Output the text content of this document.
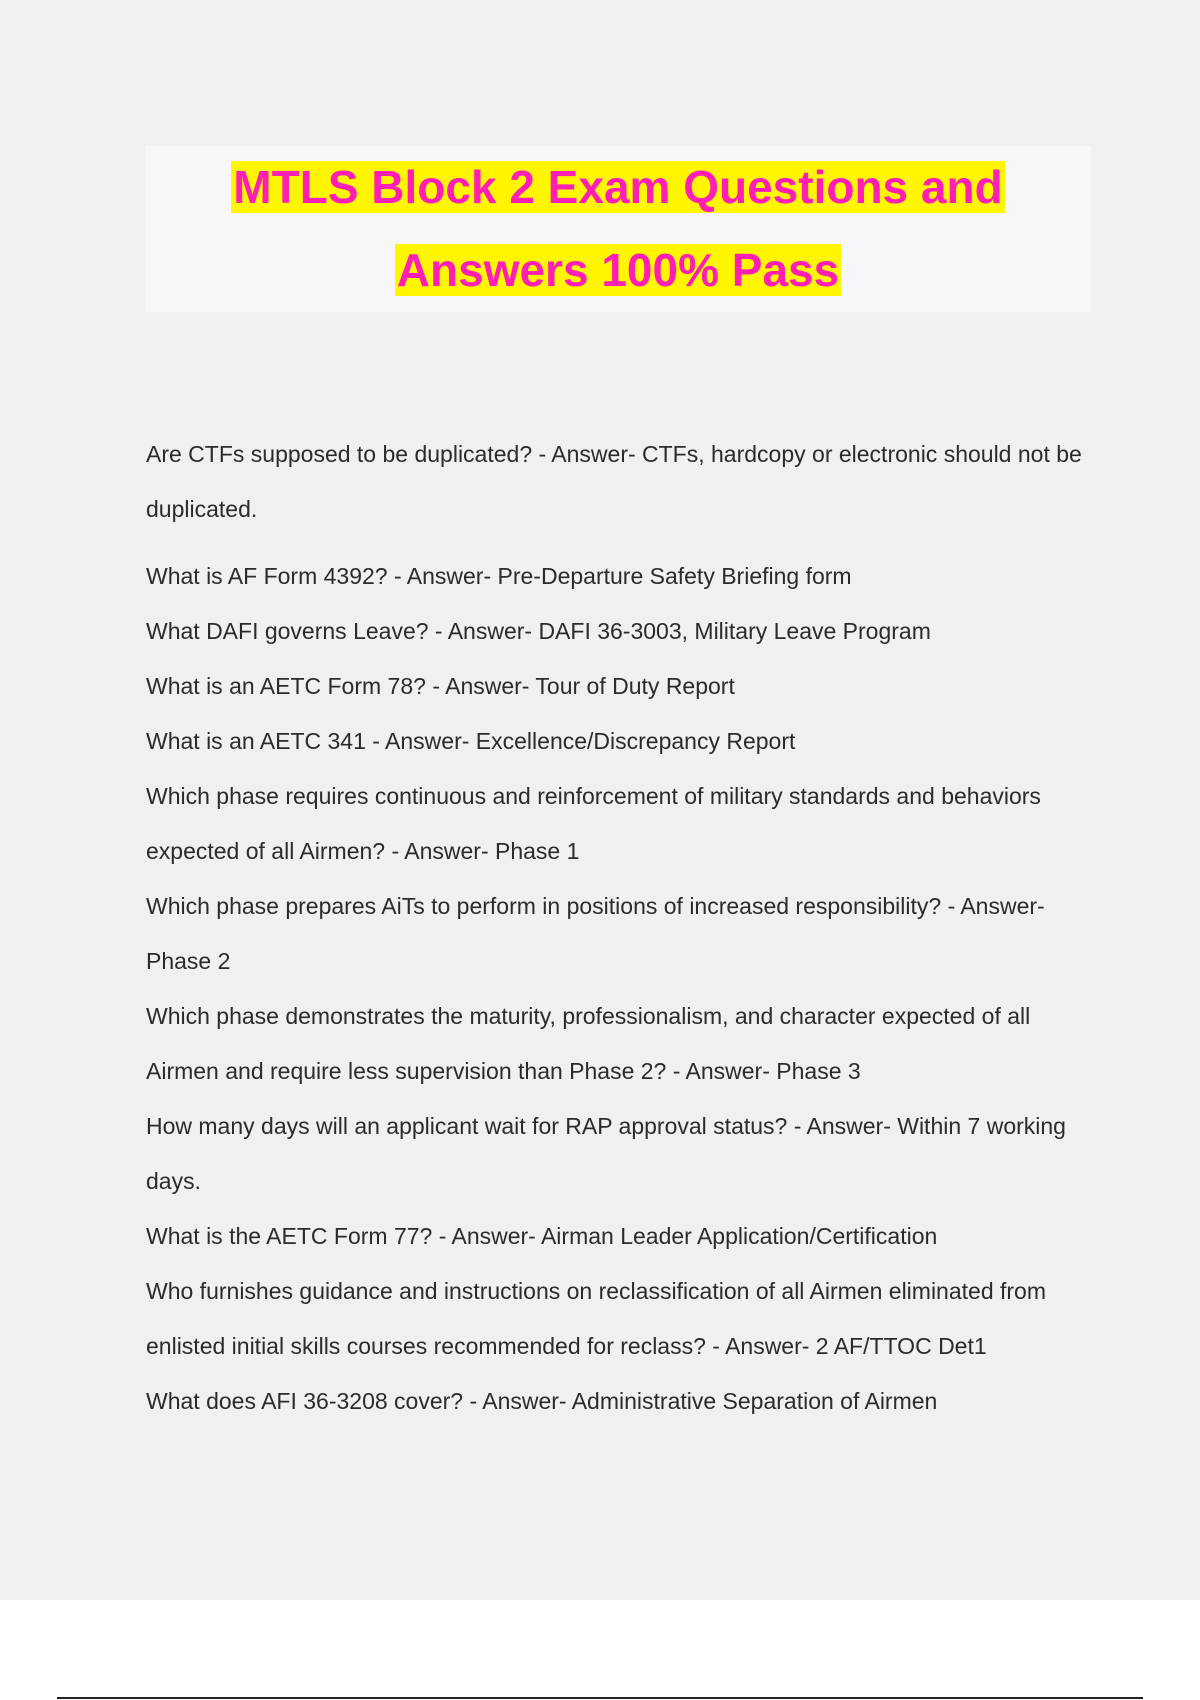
MTLS Block 2 Exam Questions and
Answers 100% Pass

Are CTFs supposed to be duplicated? - Answer- CTFs, hardcopy or electronic should not be duplicated.

What is AF Form 4392? - Answer- Pre-Departure Safety Briefing form

What DAFI governs Leave? - Answer- DAFI 36-3003, Military Leave Program

What is an AETC Form 78? - Answer- Tour of Duty Report

What is an AETC 341 - Answer- Excellence/Discrepancy Report

Which phase requires continuous and reinforcement of military standards and behaviors expected of all Airmen? - Answer- Phase 1

Which phase prepares AiTs to perform in positions of increased responsibility? - Answer- Phase 2

Which phase demonstrates the maturity, professionalism, and character expected of all Airmen and require less supervision than Phase 2? - Answer- Phase 3

How many days will an applicant wait for RAP approval status? - Answer- Within 7 working days.

What is the AETC Form 77? - Answer- Airman Leader Application/Certification

Who furnishes guidance and instructions on reclassification of all Airmen eliminated from enlisted initial skills courses recommended for reclass? - Answer- 2 AF/TTOC Det1

What does AFI 36-3208 cover? - Answer- Administrative Separation of Airmen
